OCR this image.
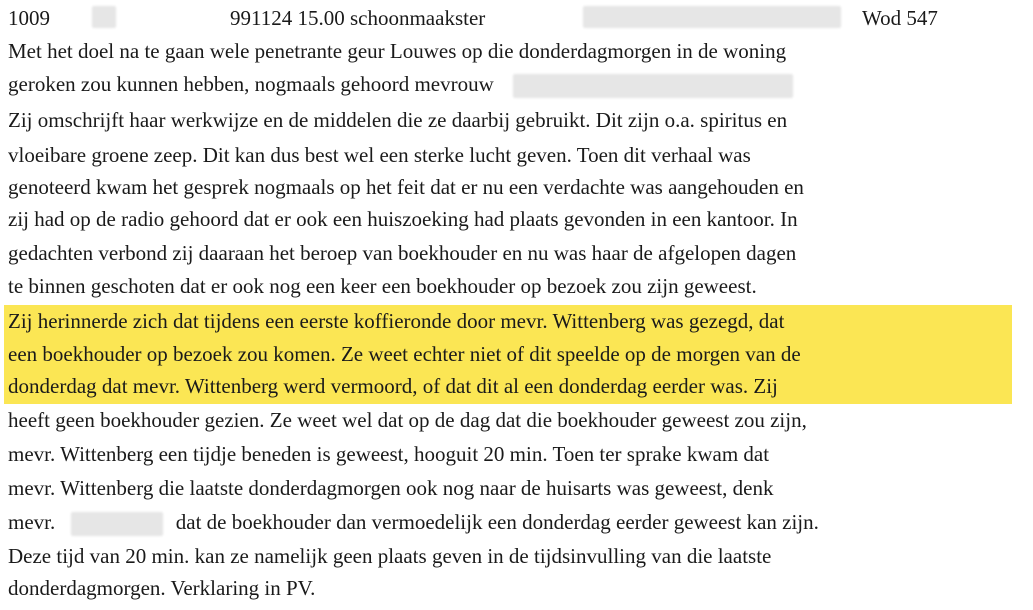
1009	991124 15.00 schoonmaakster	Wod 547
Met het doel na te gaan wele penetrante geur Louwes op die donderdagmorgen in de woning
geroken zou kunnen hebben, nogmaals gehoord mevrouw
Zij omschrijft haar werkwijze en de middelen die ze daarbij gebruikt. Dit zijn o.a. spiritus en
vloeibare groene zeep. Dit kan dus best wel een sterke lucht geven. Toen dit verhaal was
genoteerd kwam het gesprek nogmaals op het feit dat er nu een verdachte was aangehouden en
zij had op de radio gehoord dat er ook een huiszoeking had plaats gevonden in een kantoor. In
gedachten verbond zij daaraan het beroep van boekhouder en nu was haar de afgelopen dagen
te binnen geschoten dat er ook nog een keer een boekhouder op bezoek zou zijn geweest.
Zij herinnerde zich dat tijdens een eerste koffieronde door mevr. Wittenberg was gezegd, dat
een boekhouder op bezoek zou komen. Ze weet echter niet of dit speelde op de morgen van de
donderdag dat mevr. Wittenberg werd vermoord, of dat dit al een donderdag eerder was. Zij
heeft geen boekhouder gezien. Ze weet wel dat op de dag dat die boekhouder geweest zou zijn,
mevr. Wittenberg een tijdje beneden is geweest, hooguit 20 min. Toen ter sprake kwam dat
mevr. Wittenberg die laatste donderdagmorgen ook nog naar de huisarts was geweest, denk
mevr.	dat de boekhouder dan vermoedelijk een donderdag eerder geweest kan zijn.
Deze tijd van 20 min. kan ze namelijk geen plaats geven in de tijdsinvulling van die laatste
donderdagmorgen. Verklaring in PV.
